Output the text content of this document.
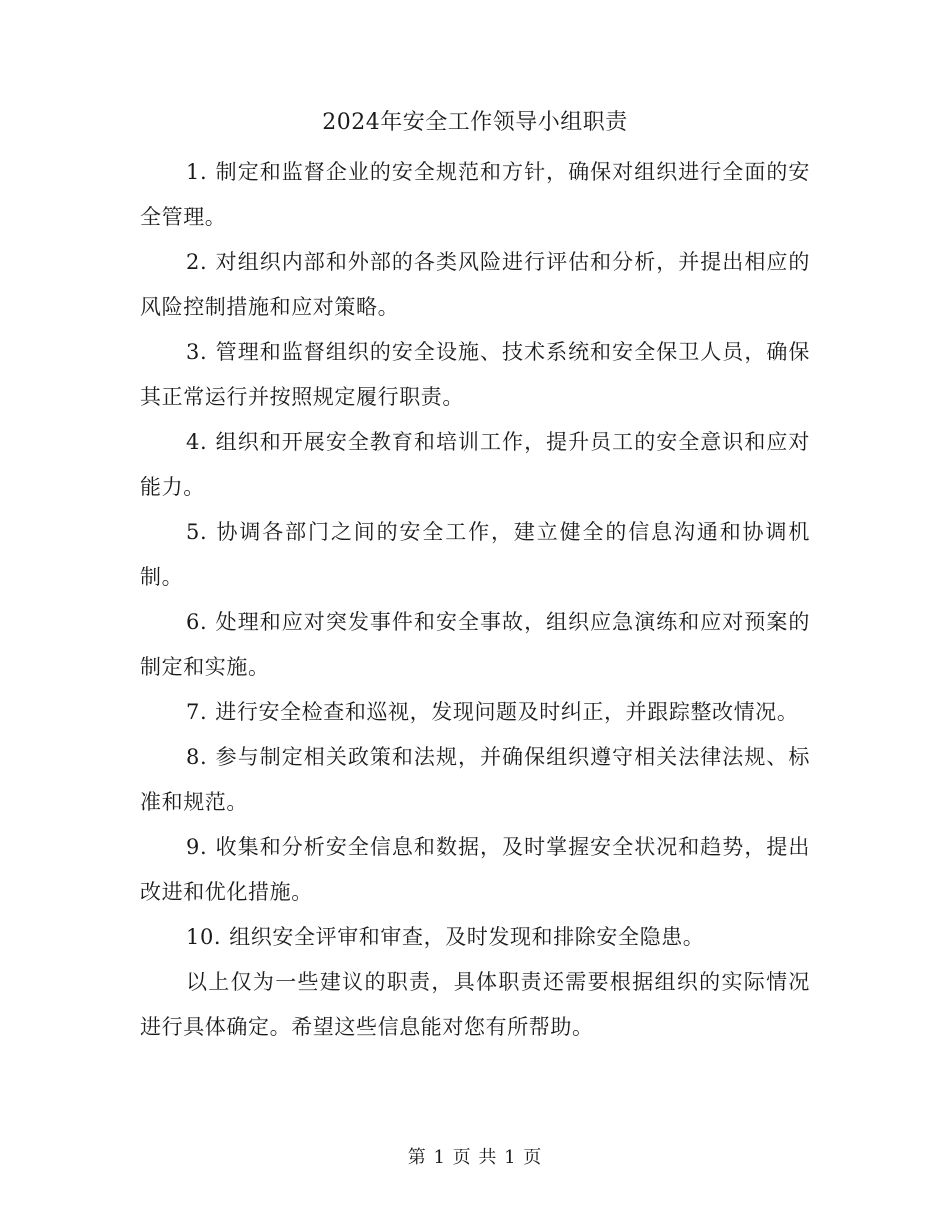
2024年安全工作领导小组职责

1. 制定和监督企业的安全规范和方针，确保对组织进行全面的安全管理。

2. 对组织内部和外部的各类风险进行评估和分析，并提出相应的风险控制措施和应对策略。

3. 管理和监督组织的安全设施、技术系统和安全保卫人员，确保其正常运行并按照规定履行职责。

4. 组织和开展安全教育和培训工作，提升员工的安全意识和应对能力。

5. 协调各部门之间的安全工作，建立健全的信息沟通和协调机制。

6. 处理和应对突发事件和安全事故，组织应急演练和应对预案的制定和实施。

7. 进行安全检查和巡视，发现问题及时纠正，并跟踪整改情况。

8. 参与制定相关政策和法规，并确保组织遵守相关法律法规、标准和规范。

9. 收集和分析安全信息和数据，及时掌握安全状况和趋势，提出改进和优化措施。

10. 组织安全评审和审查，及时发现和排除安全隐患。

以上仅为一些建议的职责，具体职责还需要根据组织的实际情况进行具体确定。希望这些信息能对您有所帮助。

第 1 页 共 1 页
